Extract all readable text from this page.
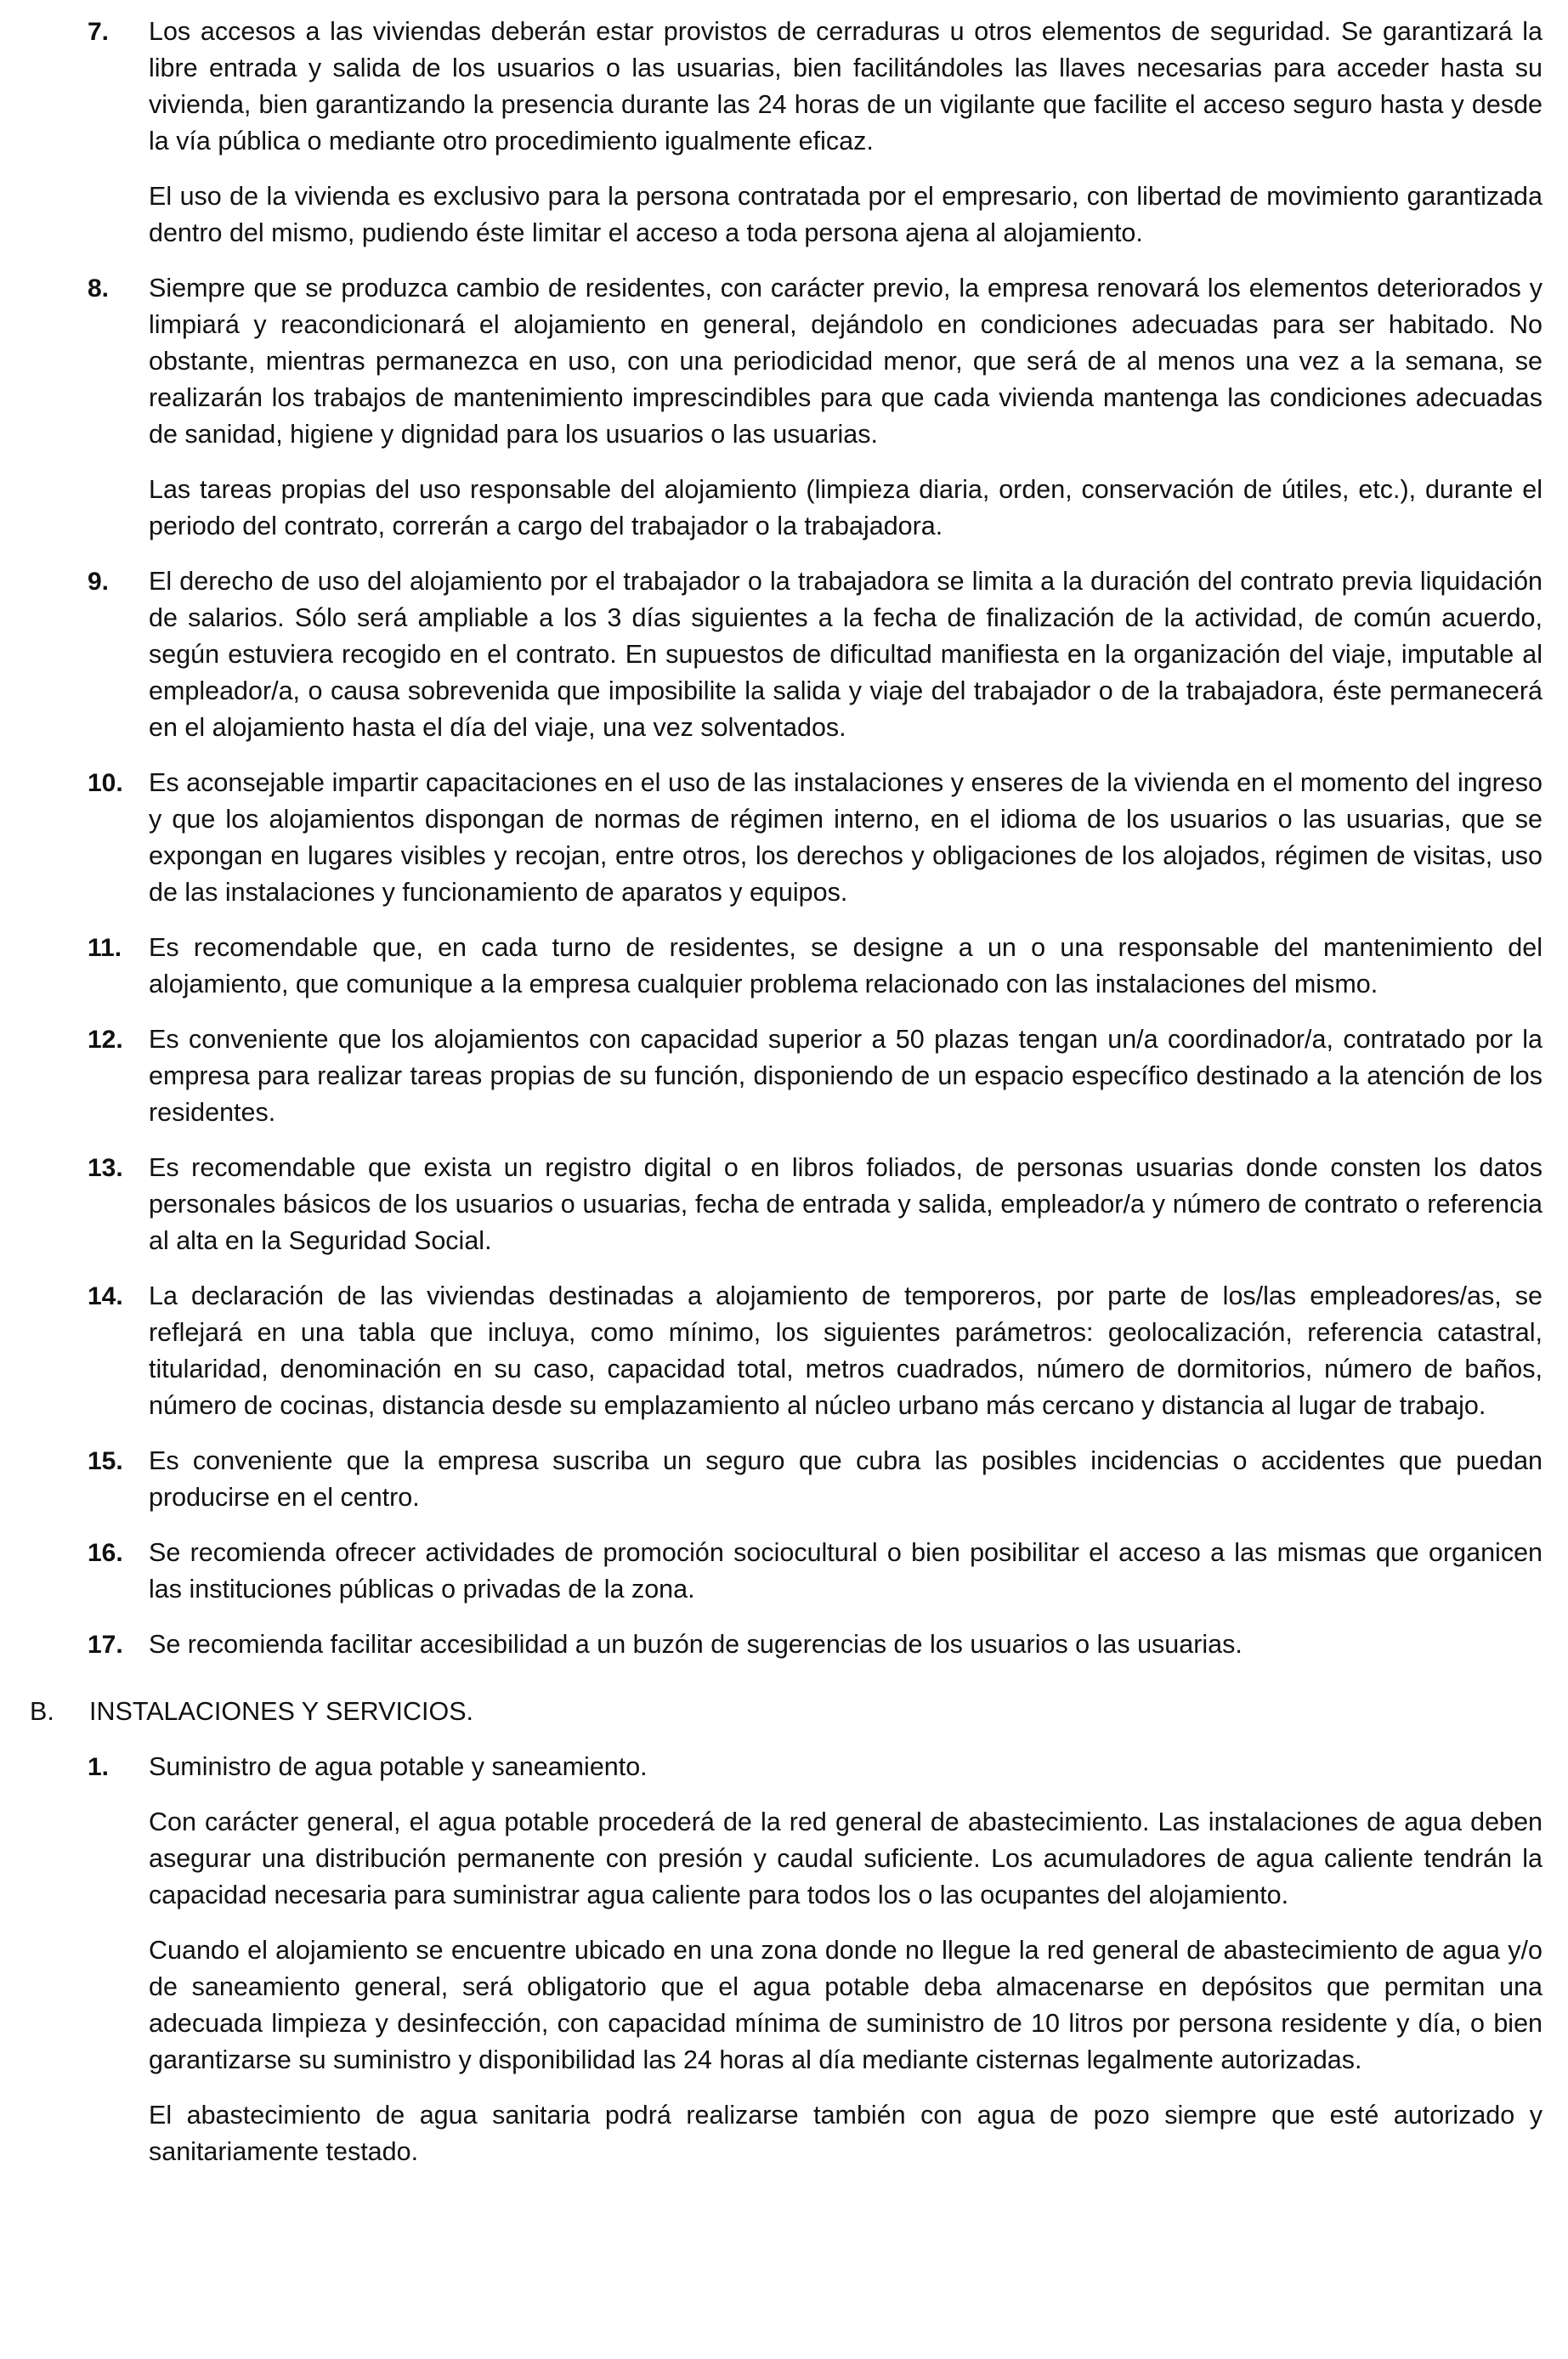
7. Los accesos a las viviendas deberán estar provistos de cerraduras u otros elementos de seguridad. Se garantizará la libre entrada y salida de los usuarios o las usuarias, bien facilitándoles las llaves necesarias para acceder hasta su vivienda, bien garantizando la presencia durante las 24 horas de un vigilante que facilite el acceso seguro hasta y desde la vía pública o mediante otro procedimiento igualmente eficaz.

El uso de la vivienda es exclusivo para la persona contratada por el empresario, con libertad de movimiento garantizada dentro del mismo, pudiendo éste limitar el acceso a toda persona ajena al alojamiento.

8. Siempre que se produzca cambio de residentes, con carácter previo, la empresa renovará los elementos deteriorados y limpiará y reacondicionará el alojamiento en general, dejándolo en condiciones adecuadas para ser habitado. No obstante, mientras permanezca en uso, con una periodicidad menor, que será de al menos una vez a la semana, se realizarán los trabajos de mantenimiento imprescindibles para que cada vivienda mantenga las condiciones adecuadas de sanidad, higiene y dignidad para los usuarios o las usuarias.

Las tareas propias del uso responsable del alojamiento (limpieza diaria, orden, conservación de útiles, etc.), durante el periodo del contrato, correrán a cargo del trabajador o la trabajadora.

9. El derecho de uso del alojamiento por el trabajador o la trabajadora se limita a la duración del contrato previa liquidación de salarios. Sólo será ampliable a los 3 días siguientes a la fecha de finalización de la actividad, de común acuerdo, según estuviera recogido en el contrato. En supuestos de dificultad manifiesta en la organización del viaje, imputable al empleador/a, o causa sobrevenida que imposibilite la salida y viaje del trabajador o de la trabajadora, éste permanecerá en el alojamiento hasta el día del viaje, una vez solventados.

10. Es aconsejable impartir capacitaciones en el uso de las instalaciones y enseres de la vivienda en el momento del ingreso y que los alojamientos dispongan de normas de régimen interno, en el idioma de los usuarios o las usuarias, que se expongan en lugares visibles y recojan, entre otros, los derechos y obligaciones de los alojados, régimen de visitas, uso de las instalaciones y funcionamiento de aparatos y equipos.

11. Es recomendable que, en cada turno de residentes, se designe a un o una responsable del mantenimiento del alojamiento, que comunique a la empresa cualquier problema relacionado con las instalaciones del mismo.

12. Es conveniente que los alojamientos con capacidad superior a 50 plazas tengan un/a coordinador/a, contratado por la empresa para realizar tareas propias de su función, disponiendo de un espacio específico destinado a la atención de los residentes.

13. Es recomendable que exista un registro digital o en libros foliados, de personas usuarias donde consten los datos personales básicos de los usuarios o usuarias, fecha de entrada y salida, empleador/a y número de contrato o referencia al alta en la Seguridad Social.

14. La declaración de las viviendas destinadas a alojamiento de temporeros, por parte de los/las empleadores/as, se reflejará en una tabla que incluya, como mínimo, los siguientes parámetros: geolocalización, referencia catastral, titularidad, denominación en su caso, capacidad total, metros cuadrados, número de dormitorios, número de baños, número de cocinas, distancia desde su emplazamiento al núcleo urbano más cercano y distancia al lugar de trabajo.

15. Es conveniente que la empresa suscriba un seguro que cubra las posibles incidencias o accidentes que puedan producirse en el centro.

16. Se recomienda ofrecer actividades de promoción sociocultural o bien posibilitar el acceso a las mismas que organicen las instituciones públicas o privadas de la zona.

17. Se recomienda facilitar accesibilidad a un buzón de sugerencias de los usuarios o las usuarias.

B. INSTALACIONES Y SERVICIOS.
1. Suministro de agua potable y saneamiento.

Con carácter general, el agua potable procederá de la red general de abastecimiento. Las instalaciones de agua deben asegurar una distribución permanente con presión y caudal suficiente. Los acumuladores de agua caliente tendrán la capacidad necesaria para suministrar agua caliente para todos los o las ocupantes del alojamiento.

Cuando el alojamiento se encuentre ubicado en una zona donde no llegue la red general de abastecimiento de agua y/o de saneamiento general, será obligatorio que el agua potable deba almacenarse en depósitos que permitan una adecuada limpieza y desinfección, con capacidad mínima de suministro de 10 litros por persona residente y día, o bien garantizarse su suministro y disponibilidad las 24 horas al día mediante cisternas legalmente autorizadas.

El abastecimiento de agua sanitaria podrá realizarse también con agua de pozo siempre que esté autorizado y sanitariamente testado.
